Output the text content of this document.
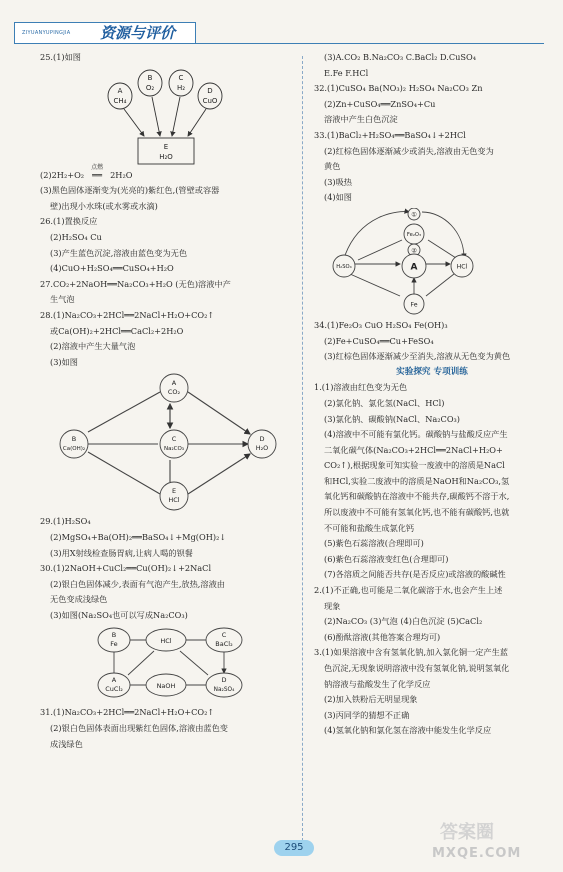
ZIYUANYUPINGJIA 资源与评价

25.(1)如图

B
O₂
C
H₂
A
CH₄
D
CuO
E
H₂O

(2)2H₂+O₂
点燃
══ 2H₂O

(3)黑色固体逐渐变为(光亮的)紫红色,(管壁或容器

壁)出现小水珠(或水雾或水滴)

26.(1)置换反应

(2)H₂SO₄ Cu

(3)产生蓝色沉淀,溶液由蓝色变为无色

(4)CuO+H₂SO₄══CuSO₄+H₂O

27.CO₂+2NaOH══Na₂CO₃+H₂O (无色)溶液中产

生气泡

28.(1)Na₂CO₃+2HCl══2NaCl+H₂O+CO₂↑

或Ca(OH)₂+2HCl══CaCl₂+2H₂O

(2)溶液中产生大量气泡

(3)如图

A
CO₂
B
Ca(OH)₂
C
Na₂CO₃
D
H₂O
E
HCl

29.(1)H₂SO₄

(2)MgSO₄+Ba(OH)₂══BaSO₄↓+Mg(OH)₂↓

(3)用X射线检查肠胃病,让病人喝的钡餐

30.(1)2NaOH+CuCl₂══Cu(OH)₂↓+2NaCl

(2)银白色固体减少,表面有气泡产生,放热,溶液由

无色变成浅绿色

(3)如图(Na₂SO₄也可以写成Na₂CO₃)

B
Fe	HCl
C
BaCl₂
A
CuCl₂	NaOH
D
Na₂SO₄

31.(1)Na₂CO₃+2HCl══2NaCl+H₂O+CO₂↑

(2)银白色固体表面出现紫红色固体,溶液由蓝色变

成浅绿色

(3)A.CO₂ B.Na₂CO₃ C.BaCl₂ D.CuSO₄

E.Fe F.HCl

32.(1)CuSO₄ Ba(NO₃)₂ H₂SO₄ Na₂CO₃ Zn

(2)Zn+CuSO₄══ZnSO₄+Cu

溶液中产生白色沉淀

33.(1)BaCl₂+H₂SO₄══BaSO₄↓+2HCl

(2)红棕色固体逐渐减少或消失,溶液由无色变为

黄色

(3)吸热

(4)如图

①
Fe₂O₃
②
H₂SO₄	A	HCl
Fe

34.(1)Fe₂O₃ CuO H₂SO₄ Fe(OH)₃

(2)Fe+CuSO₄══Cu+FeSO₄

(3)红棕色固体逐渐减少至消失,溶液从无色变为黄色

实验探究 专项训练

1.(1)溶液由红色变为无色

(2)氯化钠、氯化氢(NaCl、HCl)

(3)氯化钠、碳酸钠(NaCl、Na₂CO₃)

(4)溶液中不可能有氯化钙。碳酸钠与盐酸反应产生

二氧化碳气体(Na₂CO₃+2HCl══2NaCl+H₂O+

CO₂↑),根据现象可知实验一废液中的溶质是NaCl

和HCl,实验二废液中的溶质是NaOH和Na₂CO₃,氢

氧化钙和碳酸钠在溶液中不能共存,碳酸钙不溶于水,

所以废液中不可能有氢氧化钙,也不能有碳酸钙,也就

不可能和盐酸生成氯化钙

(5)紫色石蕊溶液(合理即可)

(6)紫色石蕊溶液变红色(合理即可)

(7)各溶质之间能否共存(是否反应)或溶液的酸碱性

2.(1)不正确,也可能是二氧化碳溶于水,也会产生上述

现象

(2)Na₂CO₃ (3)气泡 (4)白色沉淀 (5)CaCl₂

(6)酚酞溶液(其他答案合理均可)

3.(1)如果溶液中含有氢氧化钠,加入氯化铜一定产生蓝

色沉淀,无现象说明溶液中没有氢氧化钠,说明氢氧化

钠溶液与盐酸发生了化学反应

(2)加入铁粉后无明显现象

(3)丙同学的猜想不正确

(4)氢氧化钠和氯化氢在溶液中能发生化学反应

295
答案圈
MXQE.COM
